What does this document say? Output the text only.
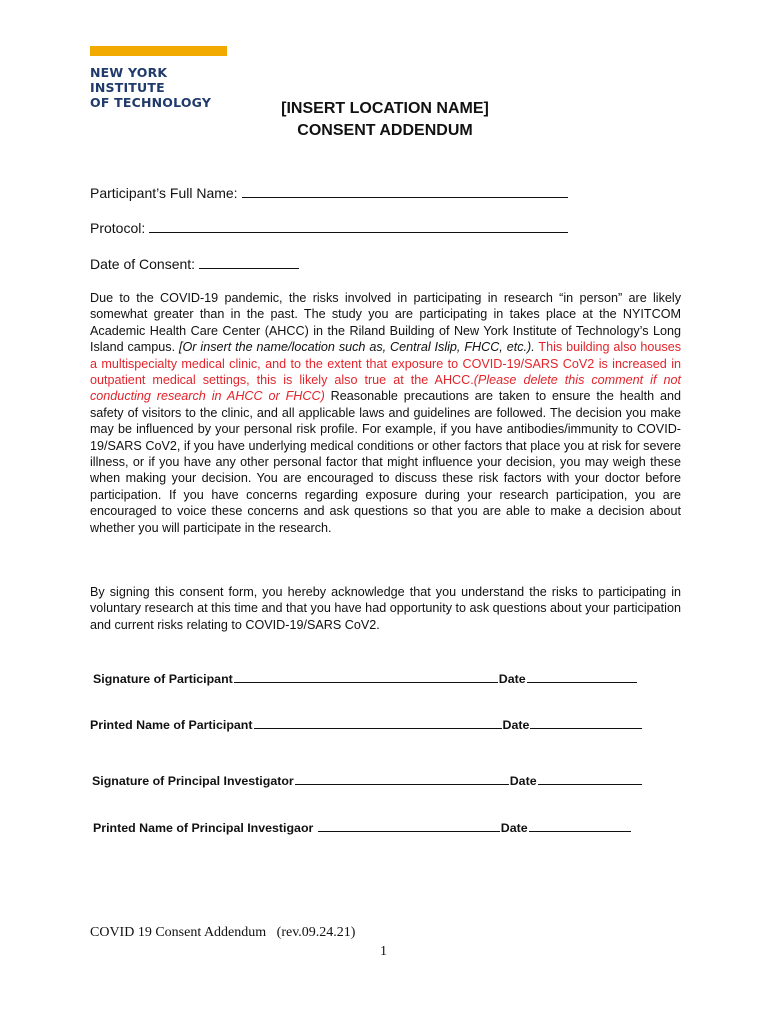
NEW YORK INSTITUTE
OF TECHNOLOGY	[INSERT LOCATION NAME]
CONSENT ADDENDUM
Participant’s Full Name:
Protocol:
Date of Consent:
Due to the COVID-19 pandemic, the risks involved in participating in research “in person” are likely somewhat greater than in the past. The study you are participating in takes place at the NYITCOM Academic Health Care Center (AHCC) in the Riland Building of New York Institute of Technology’s Long Island campus. [Or insert the name/location such as, Central Islip, FHCC, etc.). This building also houses a multispecialty medical clinic, and to the extent that exposure to COVID-19/SARS CoV2 is increased in outpatient medical settings, this is likely also true at the AHCC.(Please delete this comment if not conducting research in AHCC or FHCC) Reasonable precautions are taken to ensure the health and safety of visitors to the clinic, and all applicable laws and guidelines are followed. The decision you make may be influenced by your personal risk profile. For example, if you have antibodies/immunity to COVID-19/SARS CoV2, if you have underlying medical conditions or other factors that place you at risk for severe illness, or if you have any other personal factor that might influence your decision, you may weigh these when making your decision. You are encouraged to discuss these risk factors with your doctor before participation. If you have concerns regarding exposure during your research participation, you are encouraged to voice these concerns and ask questions so that you are able to make a decision about whether you will participate in the research.
By signing this consent form, you hereby acknowledge that you understand the risks to participating in voluntary research at this time and that you have had opportunity to ask questions about your participation and current risks relating to COVID-19/SARS CoV2.
Signature of Participant	Date
Printed Name of Participant	Date
Signature of Principal Investigator	Date
Printed Name of Principal Investigaor	Date
COVID 19 Consent Addendum   (rev.09.24.21)
1
